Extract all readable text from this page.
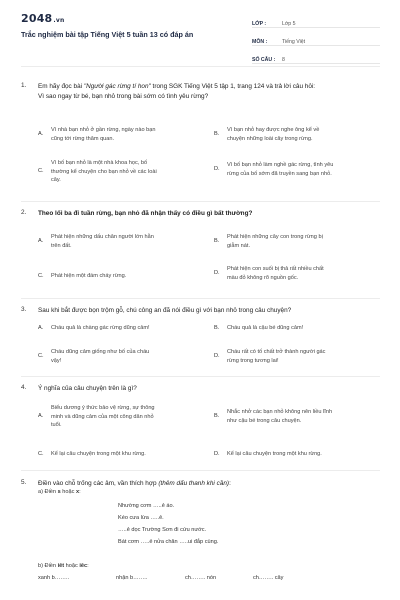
2048.vn
Trắc nghiệm bài tập Tiếng Việt 5 tuần 13 có đáp án
LỚP :	Lớp 5
MÔN :	Tiếng Việt
SỐ CÂU :	8
1.	Em hãy đọc bài "Người gác rừng tí hon" trong SGK Tiếng Việt 5 tập 1, trang 124 và trả lời câu hỏi:
Vì sao ngay từ bé, bạn nhỏ trong bài sớm có tình yêu rừng?
A.
Vì nhà bạn nhỏ ở gần rừng, ngày nào bạn
cũng tới rừng thăm quan.
B.
Vì bạn nhỏ hay được nghe ông kể về
chuyện những loài cây trong rừng.
C.
Vì bố bạn nhỏ là một nhà khoa học, bố
thường kể chuyện cho bạn nhỏ về các loài
cây.
D.
Vì bố bạn nhỏ làm nghề gác rừng, tình yêu
rừng của bố sớm đã truyền sang bạn nhỏ.
2.	Theo lối ba đi tuần rừng, bạn nhỏ đã nhận thấy có điều gì bất thường?
A.
Phát hiện những dấu chân người lớn hằn
trên đất.
B.
Phát hiện những cây con trong rừng bị
giẫm nát.
C.	Phát hiện một đám cháy rừng.	D.
Phát hiện con suối bị thả rất nhiều chất
màu đỏ không rõ nguồn gốc.
3.	Sau khi bắt được bọn trộm gỗ, chú công an đã nói điều gì với bạn nhỏ trong câu chuyện?
A.	Cháu quả là chàng gác rừng dũng cảm!	B.	Cháu quả là cậu bé dũng cảm!
C.
Cháu dũng cảm giống như bố của cháu
vậy!
D.
Cháu rất có tố chất trở thành người gác
rừng trong tương lai!
4.	Ý nghĩa của câu chuyện trên là gì?
A.
Biểu dương ý thức bảo vệ rừng, sự thông
minh và dũng cảm của một công dân nhỏ
tuổi.
B.
Nhắc nhở các bạn nhỏ không nên liều lĩnh
như cậu bé trong câu chuyện.
C.	Kể lại câu chuyện trong một khu rừng.	D.	Kể lại câu chuyện trong một khu rừng.
5.	Điền vào chỗ trống các âm, vần thích hợp (thêm dấu thanh khi cần):
a) Điền s hoặc x:
Nhường cơm …..ẻ áo.
Kéo cưa lừa …..ẻ.
…..ẻ dọc Trường Sơn đi cứu nước.
Bát cơm …..ẻ nửa chăn …..ui đắp cùng.
b) Điền iêt hoặc iêc:
xanh b……..	nhận b……..	ch…….. nón	ch…….. cây
